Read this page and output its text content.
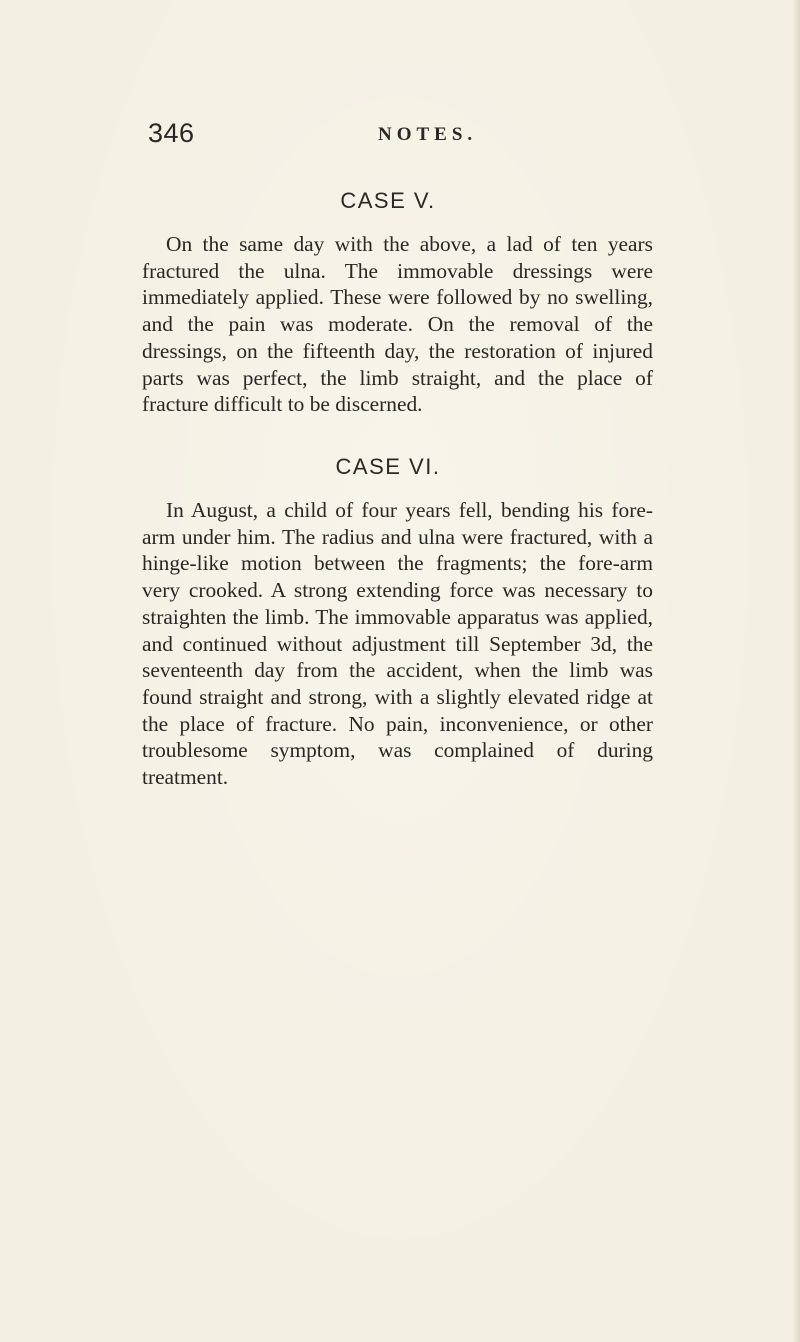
346	NOTES.
CASE V.

On the same day with the above, a lad of ten years fractured the ulna. The immovable dressings were immediately applied. These were followed by no swelling, and the pain was moderate. On the removal of the dressings, on the fifteenth day, the restoration of injured parts was perfect, the limb straight, and the place of fracture difficult to be discerned.

CASE VI.

In August, a child of four years fell, bending his fore-arm under him. The radius and ulna were fractured, with a hinge-like motion between the fragments; the fore-arm very crooked. A strong extending force was necessary to straighten the limb. The immovable apparatus was applied, and continued without adjustment till September 3d, the seventeenth day from the accident, when the limb was found straight and strong, with a slightly elevated ridge at the place of fracture. No pain, inconvenience, or other troublesome symptom, was complained of during treatment.
